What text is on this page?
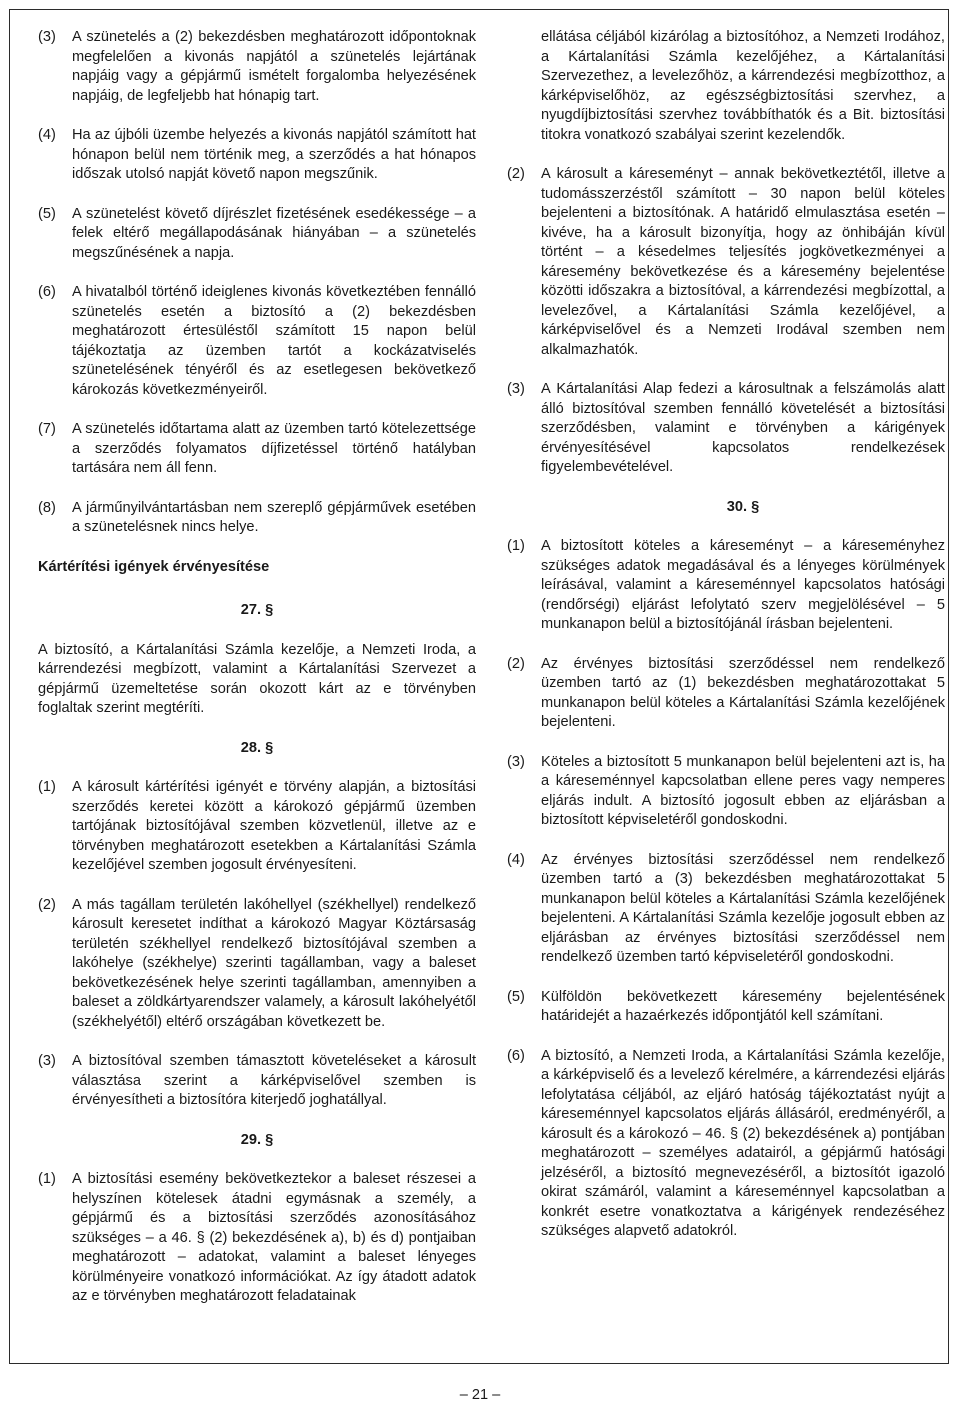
(3) A szünetelés a (2) bekezdésben meghatározott időpontoknak megfelelően a kivonás napjától a szünetelés lejártának napjáig vagy a gépjármű ismételt forgalomba helyezésének napjáig, de legfeljebb hat hónapig tart.
(4) Ha az újbóli üzembe helyezés a kivonás napjától számított hat hónapon belül nem történik meg, a szerződés a hat hónapos időszak utolsó napját követő napon megszűnik.
(5) A szünetelést követő díjrészlet fizetésének esedékessége – a felek eltérő megállapodásának hiányában – a szünetelés megszűnésének a napja.
(6) A hivatalból történő ideiglenes kivonás következtében fennálló szünetelés esetén a biztosító a (2) bekezdésben meghatározott értesüléstől számított 15 napon belül tájékoztatja az üzemben tartót a kockázatviselés szünetelésének tényéről és az esetlegesen bekövetkező károkozás következményeiről.
(7) A szünetelés időtartama alatt az üzemben tartó kötelezettsége a szerződés folyamatos díjfizetéssel történő hatályban tartására nem áll fenn.
(8) A járműnyilvántartásban nem szereplő gépjárművek esetében a szünetelésnek nincs helye.
Kártérítési igények érvényesítése
27. §
A biztosító, a Kártalanítási Számla kezelője, a Nemzeti Iroda, a kárrendezési megbízott, valamint a Kártalanítási Szervezet a gépjármű üzemeltetése során okozott kárt az e törvényben foglaltak szerint megtéríti.
28. §
(1) A károsult kártérítési igényét e törvény alapján, a biztosítási szerződés keretei között a károkozó gépjármű üzemben tartójának biztosítójával szemben közvetlenül, illetve az e törvényben meghatározott esetekben a Kártalanítási Számla kezelőjével szemben jogosult érvényesíteni.
(2) A más tagállam területén lakóhellyel (székhellyel) rendelkező károsult keresetet indíthat a károkozó Magyar Köztársaság területén székhellyel rendelkező biztosítójával szemben a lakóhelye (székhelye) szerinti tagállamban, vagy a baleset bekövetkezésének helye szerinti tagállamban, amennyiben a baleset a zöldkártyarendszer valamely, a károsult lakóhelyétől (székhelyétől) eltérő országában következett be.
(3) A biztosítóval szemben támasztott követeléseket a károsult választása szerint a kárképviselővel szemben is érvényesítheti a biztosítóra kiterjedő joghatállyal.
29. §
(1) A biztosítási esemény bekövetkeztekor a baleset részesei a helyszínen kötelesek átadni egymásnak a személy, a gépjármű és a biztosítási szerződés azonosításához szükséges – a 46. § (2) bekezdésének a), b) és d) pontjaiban meghatározott – adatokat, valamint a baleset lényeges körülményeire vonatkozó információkat. Az így átadott adatok az e törvényben meghatározott feladatainak
ellátása céljából kizárólag a biztosítóhoz, a Nemzeti Irodához, a Kártalanítási Számla kezelőjéhez, a Kártalanítási Szervezethez, a levelezőhöz, a kárrendezési megbízotthoz, a kárképviselőhöz, az egészségbiztosítási szervhez, a nyugdíjbiztosítási szervhez továbbíthatók és a Bit. biztosítási titokra vonatkozó szabályai szerint kezelendők.
(2) A károsult a káreseményt – annak bekövetkeztétől, illetve a tudomásszerzéstől számított – 30 napon belül köteles bejelenteni a biztosítónak. A határidő elmulasztása esetén – kivéve, ha a károsult bizonyítja, hogy az önhibáján kívül történt – a késedelmes teljesítés jogkövetkezményei a káresemény bekövetkezése és a káresemény bejelentése közötti időszakra a biztosítóval, a kárrendezési megbízottal, a levelezővel, a Kártalanítási Számla kezelőjével, a kárképviselővel és a Nemzeti Irodával szemben nem alkalmazhatók.
(3) A Kártalanítási Alap fedezi a károsultnak a felszámolás alatt álló biztosítóval szemben fennálló követelését a biztosítási szerződésben, valamint e törvényben a kárigények érvényesítésével kapcsolatos rendelkezések figyelembevételével.
30. §
(1) A biztosított köteles a káreseményt – a káreseményhez szükséges adatok megadásával és a lényeges körülmények leírásával, valamint a káreseménnyel kapcsolatos hatósági (rendőrségi) eljárást lefolytató szerv megjelölésével – 5 munkanapon belül a biztosítójánál írásban bejelenteni.
(2) Az érvényes biztosítási szerződéssel nem rendelkező üzemben tartó az (1) bekezdésben meghatározottakat 5 munkanapon belül köteles a Kártalanítási Számla kezelőjének bejelenteni.
(3) Köteles a biztosított 5 munkanapon belül bejelenteni azt is, ha a káreseménnyel kapcsolatban ellene peres vagy nemperes eljárás indult. A biztosító jogosult ebben az eljárásban a biztosított képviseletéről gondoskodni.
(4) Az érvényes biztosítási szerződéssel nem rendelkező üzemben tartó a (3) bekezdésben meghatározottakat 5 munkanapon belül köteles a Kártalanítási Számla kezelőjének bejelenteni. A Kártalanítási Számla kezelője jogosult ebben az eljárásban az érvényes biztosítási szerződéssel nem rendelkező üzemben tartó képviseletéről gondoskodni.
(5) Külföldön bekövetkezett káresemény bejelentésének határidejét a hazaérkezés időpontjától kell számítani.
(6) A biztosító, a Nemzeti Iroda, a Kártalanítási Számla kezelője, a kárképviselő és a levelező kérelmére, a kárrendezési eljárás lefolytatása céljából, az eljáró hatóság tájékoztatást nyújt a káreseménnyel kapcsolatos eljárás állásáról, eredményéről, a károsult és a károkozó – 46. § (2) bekezdésének a) pontjában meghatározott – személyes adatairól, a gépjármű hatósági jelzéséről, a biztosító megnevezéséről, a biztosítót igazoló okirat számáról, valamint a káreseménnyel kapcsolatban a konkrét esetre vonatkoztatva a kárigények rendezéséhez szükséges alapvető adatokról.
– 21 –
